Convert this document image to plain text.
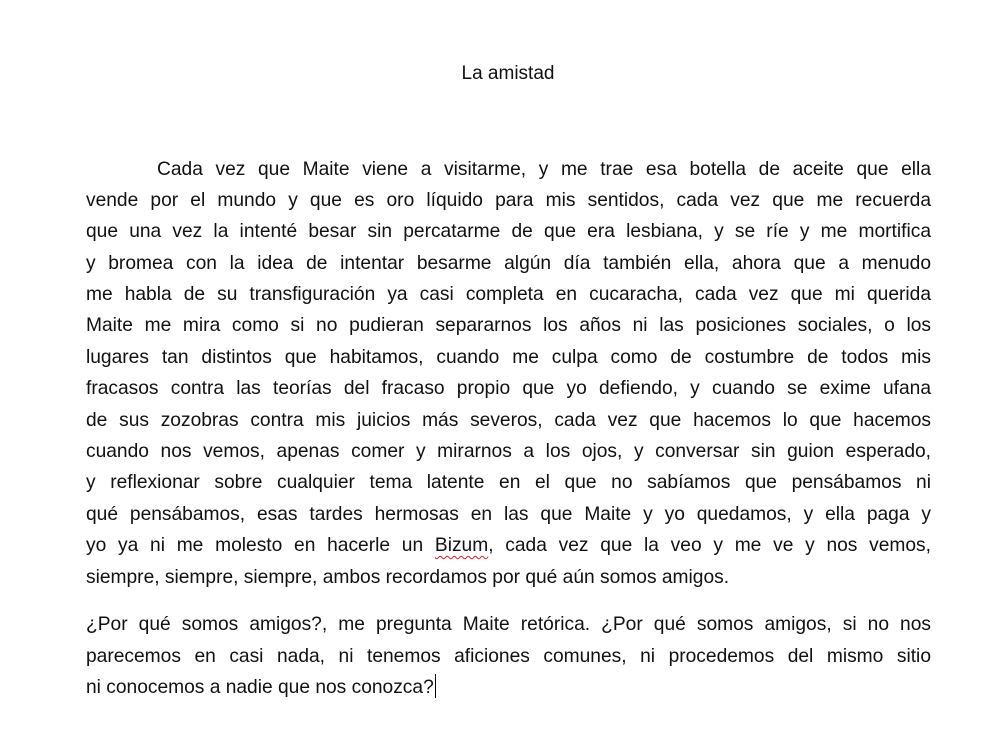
La amistad
Cada vez que Maite viene a visitarme, y me trae esa botella de aceite que ella
vende por el mundo y que es oro líquido para mis sentidos, cada vez que me recuerda
que una vez la intenté besar sin percatarme de que era lesbiana, y se ríe y me mortifica
y bromea con la idea de intentar besarme algún día también ella, ahora que a menudo
me habla de su transfiguración ya casi completa en cucaracha, cada vez que mi querida
Maite me mira como si no pudieran separarnos los años ni las posiciones sociales, o los
lugares tan distintos que habitamos, cuando me culpa como de costumbre de todos mis
fracasos contra las teorías del fracaso propio que yo defiendo, y cuando se exime ufana
de sus zozobras contra mis juicios más severos, cada vez que hacemos lo que hacemos
cuando nos vemos, apenas comer y mirarnos a los ojos, y conversar sin guion esperado,
y reflexionar sobre cualquier tema latente en el que no sabíamos que pensábamos ni
qué pensábamos, esas tardes hermosas en las que Maite y yo quedamos, y ella paga y
yo ya ni me molesto en hacerle un Bizum, cada vez que la veo y me ve y nos vemos,
siempre, siempre, siempre, ambos recordamos por qué aún somos amigos.
¿Por qué somos amigos?, me pregunta Maite retórica. ¿Por qué somos amigos, si no nos
parecemos en casi nada, ni tenemos aficiones comunes, ni procedemos del mismo sitio
ni conocemos a nadie que nos conozca?
